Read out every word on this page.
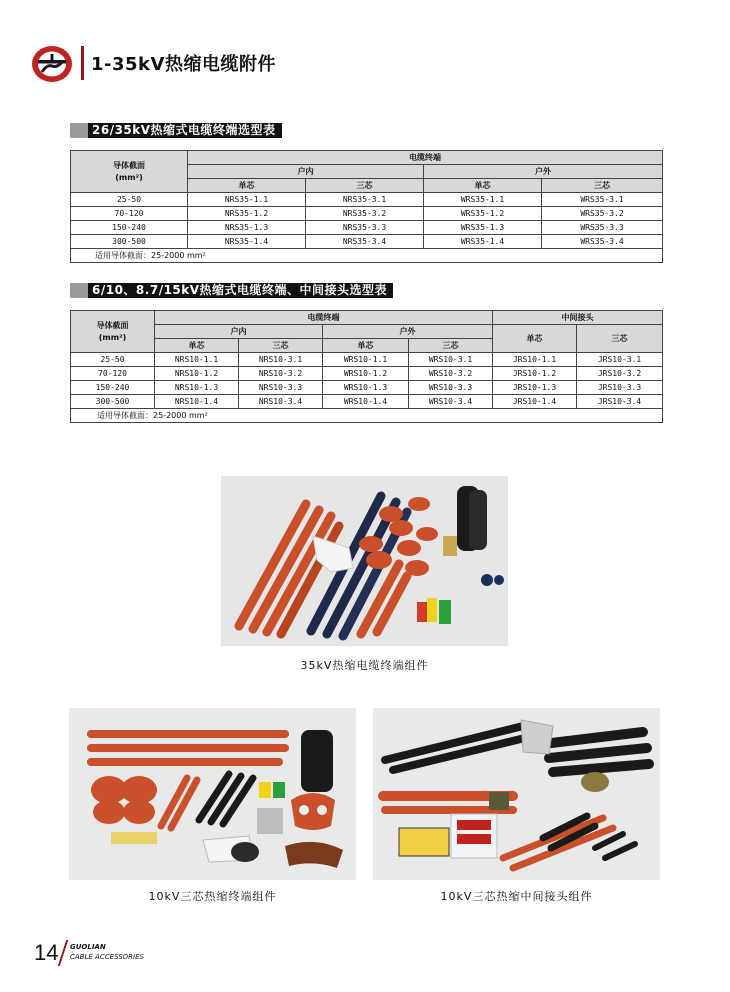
1-35kV热缩电缆附件
26/35kV热缩式电缆终端选型表
导体截面
(mm²)	电缆终端			
	户内		户外	
	单芯	三芯	单芯	三芯
25-50	NRS35-1.1	NRS35-3.1	WRS35-1.1	WRS35-3.1
70-120	NRS35-1.2	NRS35-3.2	WRS35-1.2	WRS35-3.2
150-240	NRS35-1.3	NRS35-3.3	WRS35-1.3	WRS35-3.3
300-500	NRS35-1.4	NRS35-3.4	WRS35-1.4	WRS35-3.4
适用导体截面：25-2000 mm²				
6/10、8.7/15kV热缩式电缆终端、中间接头选型表
导体截面
(mm²)	电缆终端				中间接头	
	户内		户外		单芯	三芯
	单芯	三芯	单芯	三芯		
25-50	NRS10-1.1	NRS10-3.1	WRS10-1.1	WRS10-3.1	JRS10-1.1	JRS10-3.1
70-120	NRS10-1.2	NRS10-3.2	WRS10-1.2	WRS10-3.2	JRS10-1.2	JRS10-3.2
150-240	NRS10-1.3	NRS10-3.3	WRS10-1.3	WRS10-3.3	JRS10-1.3	JRS10-3.3
300-500	NRS10-1.4	NRS10-3.4	WRS10-1.4	WRS10-3.4	JRS10-1.4	JRS10-3.4
适用导体截面：25-2000 mm²						
35kV热缩电缆终端组件
10kV三芯热缩终端组件	10kV三芯热缩中间接头组件
14 GUOLIAN
CABLE ACCESSORIES
